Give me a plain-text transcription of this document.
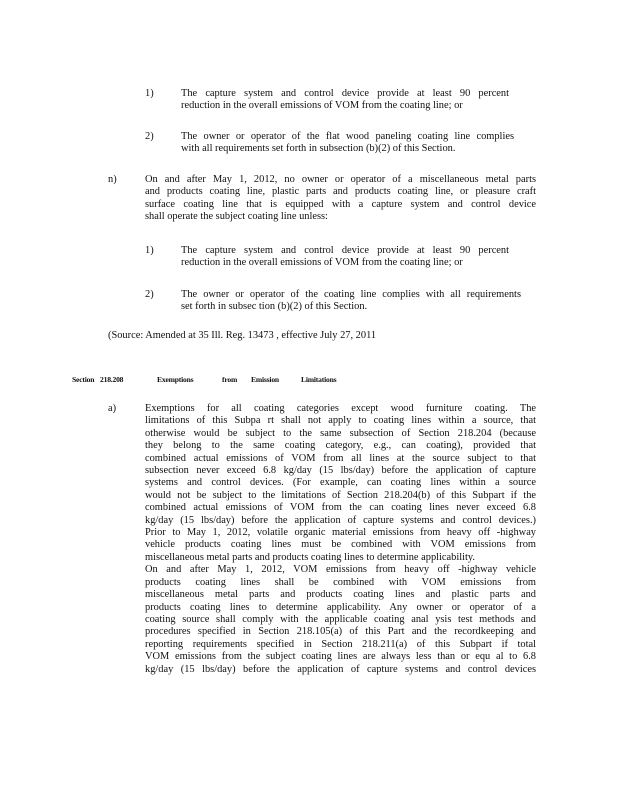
1)	The capture system and control device provide at least 90 percent
reduction in the overall emissions of VOM from the coating line; or
2)	The owner or operator of the flat wood paneling coating line complies
with all requirements set forth in subsection (b)(2) of this Section.
n)	On and after May 1, 2012, no owner or operator of a miscellaneous metal parts
and products coating line, plastic parts and products coating line, or pleasure craft
surface coating line that is equipped with a capture system and control device
shall operate the subject coating line unless:
1)	The capture system and control device provide at least 90 percent
reduction in the overall emissions of VOM from the coating line; or
2)	The owner or operator of the coating line complies with all requirements
set forth in subsec tion (b)(2) of this Section.
(Source: Amended at 35 Ill. Reg. 13473 , effective July 27, 2011
Section 218.208	Exemptions	from Emission	Limitations
a)	Exemptions for all coating categories except wood furniture coating. The
limitations of this Subpa rt shall not apply to coating lines within a source, that
otherwise would be subject to the same subsection of Section 218.204 (because
they belong to the same coating category, e.g., can coating), provided that
combined actual emissions of VOM from all lines at the source subject to that
subsection never exceed 6.8 kg/day (15 lbs/day) before the application of capture
systems and control devices. (For example, can coating lines within a source
would not be subject to the limitations of Section 218.204(b) of this Subpart if the
combined actual emissions of VOM from the can coating lines never exceed 6.8
kg/day (15 lbs/day) before the application of capture systems and control devices.)
Prior to May 1, 2012, volatile organic material emissions from heavy off -highway
vehicle products coating lines must be combined with VOM emissions from
miscellaneous metal parts and products coating lines to determine applicability.
On and after May 1, 2012, VOM emissions from heavy off -highway vehicle
products coating lines shall be combined with VOM emissions from
miscellaneous metal parts and products coating lines and plastic parts and
products coating lines to determine applicability. Any owner or operator of a
coating source shall comply with the applicable coating anal ysis test methods and
procedures specified in Section 218.105(a) of this Part and the recordkeeping and
reporting requirements specified in Section 218.211(a) of this Subpart if total
VOM emissions from the subject coating lines are always less than or equ al to 6.8
kg/day (15 lbs/day) before the application of capture systems and control devices
